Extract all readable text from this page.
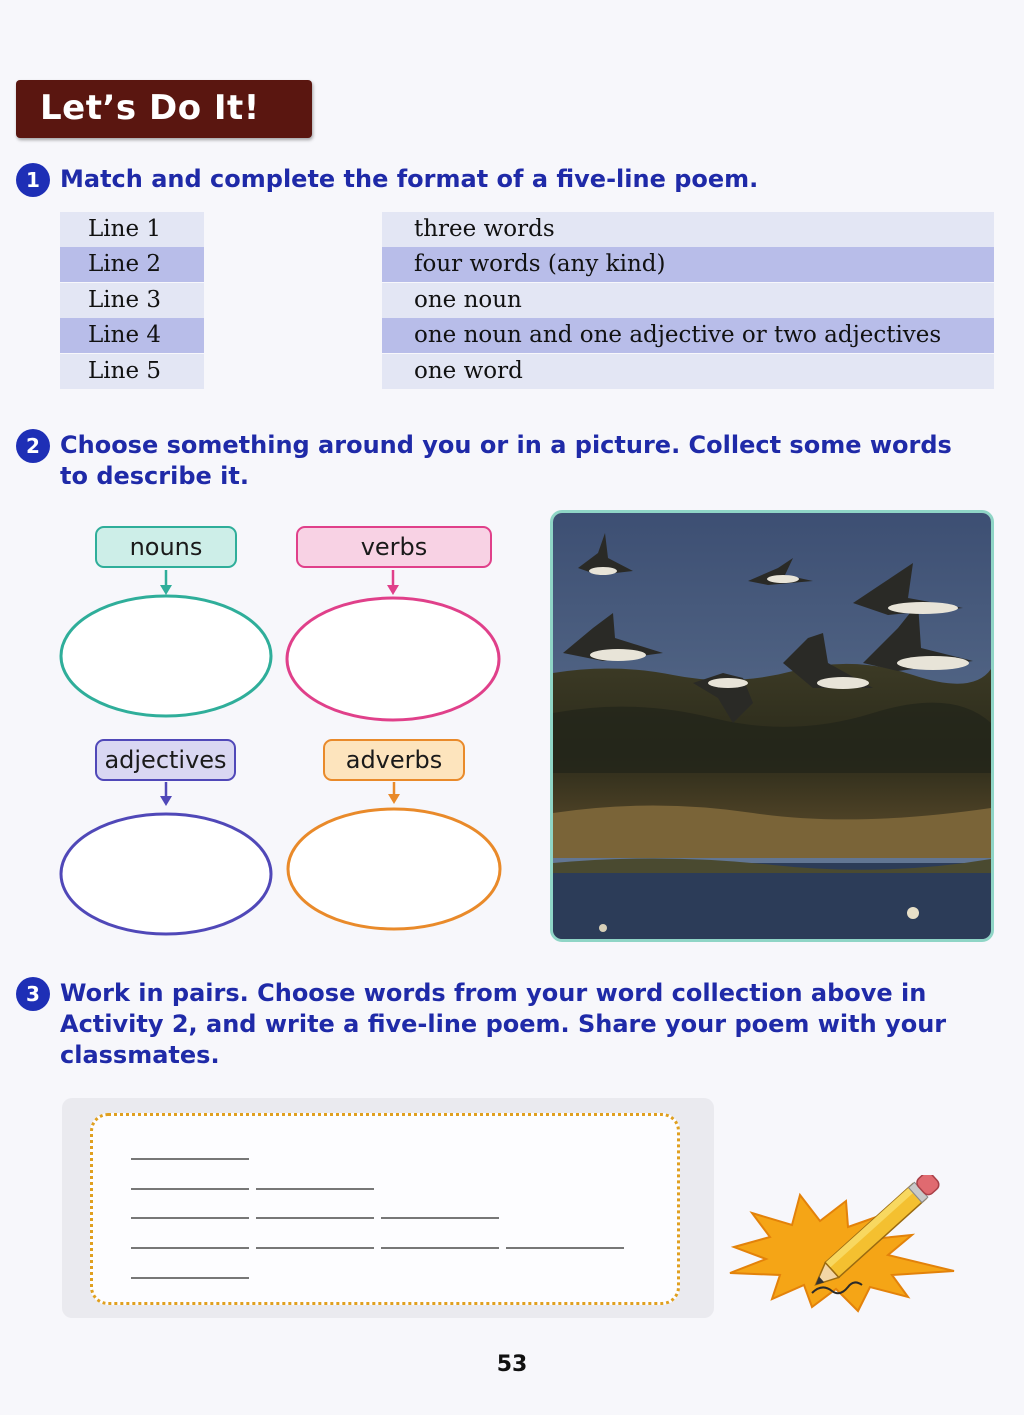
Let’s Do It!
1 Match and complete the format of a five-line poem.
Line 1
Line 2
Line 3
Line 4
Line 5
three words
four words (any kind)
one noun
one noun and one adjective or two adjectives
one word
2 Choose something around you or in a picture. Collect some words
to describe it.
nouns	verbs
adjectives	adverbs
3 Work in pairs. Choose words from your word collection above in
Activity 2, and write a five-line poem. Share your poem with your
classmates.
53
